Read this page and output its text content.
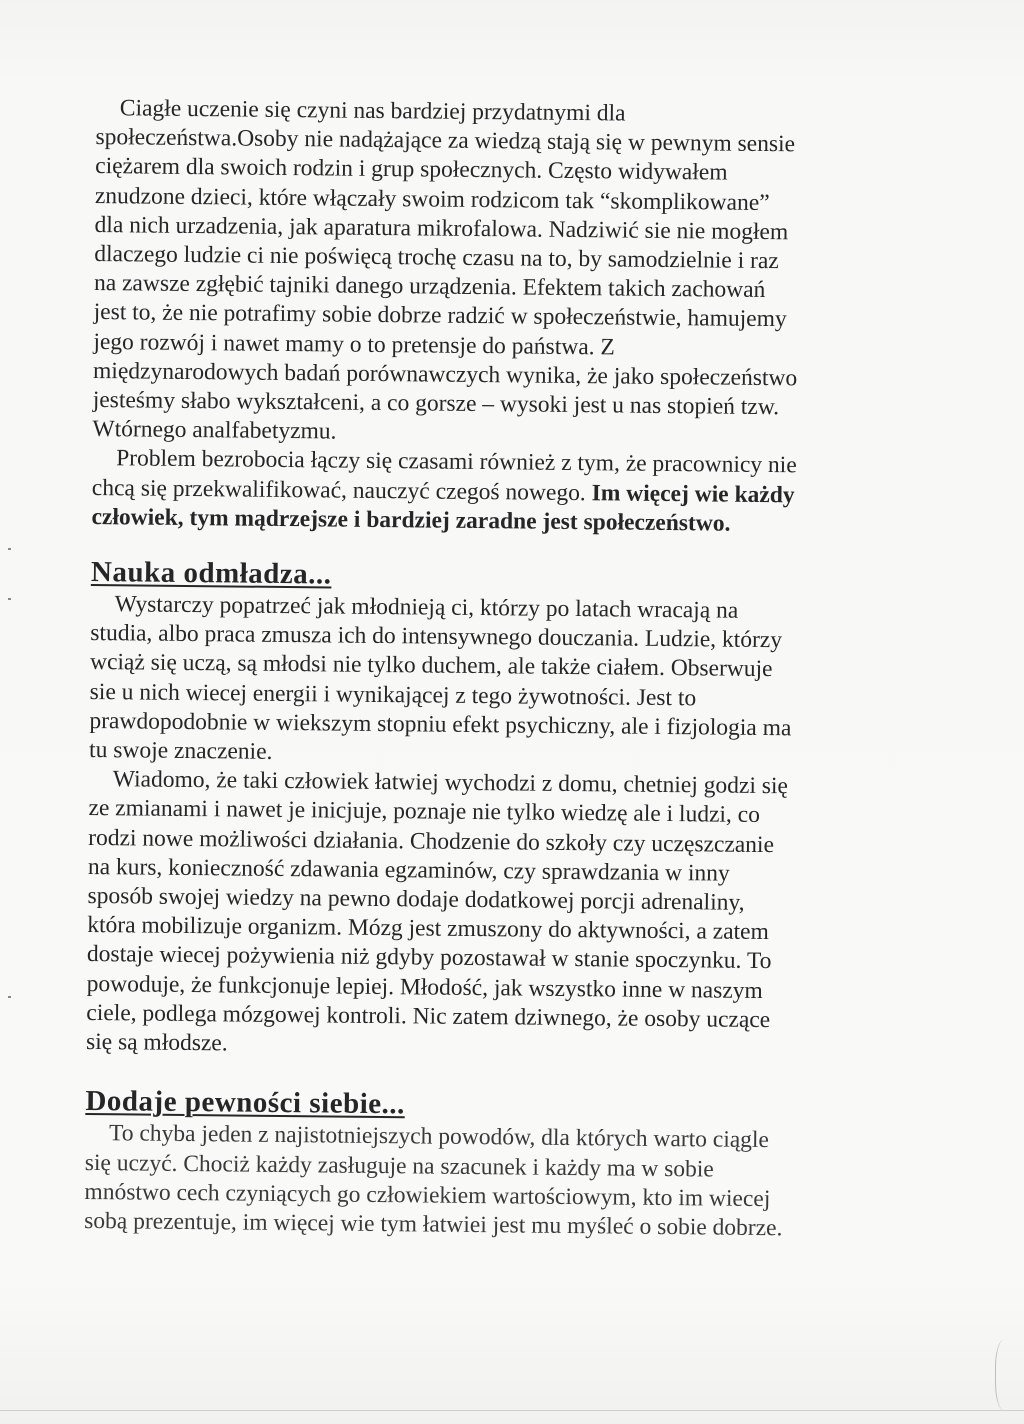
Ciagłe uczenie się czyni nas bardziej przydatnymi dla
społeczeństwa.Osoby nie nadążające za wiedzą stają się w pewnym sensie
ciężarem dla swoich rodzin i grup społecznych. Często widywałem
znudzone dzieci, które włączały swoim rodzicom tak “skomplikowane”
dla nich urzadzenia, jak aparatura mikrofalowa. Nadziwić sie nie mogłem
dlaczego ludzie ci nie poświęcą trochę czasu na to, by samodzielnie i raz
na zawsze zgłębić tajniki danego urządzenia. Efektem takich zachowań
jest to, że nie potrafimy sobie dobrze radzić w społeczeństwie, hamujemy
jego rozwój i nawet mamy o to pretensje do państwa. Z
międzynarodowych badań porównawczych wynika, że jako społeczeństwo
jesteśmy słabo wykształceni, a co gorsze – wysoki jest u nas stopień tzw.
Wtórnego analfabetyzmu.

Problem bezrobocia łączy się czasami również z tym, że pracownicy nie
chcą się przekwalifikować, nauczyć czegoś nowego. Im więcej wie każdy
człowiek, tym mądrzejsze i bardziej zaradne jest społeczeństwo.

Nauka odmładza...

Wystarczy popatrzeć jak młodnieją ci, którzy po latach wracają na
studia, albo praca zmusza ich do intensywnego douczania. Ludzie, którzy
wciąż się uczą, są młodsi nie tylko duchem, ale także ciałem. Obserwuje
sie u nich wiecej energii i wynikającej z tego żywotności. Jest to
prawdopodobnie w wiekszym stopniu efekt psychiczny, ale i fizjologia ma
tu swoje znaczenie.

Wiadomo, że taki człowiek łatwiej wychodzi z domu, chetniej godzi się
ze zmianami i nawet je inicjuje, poznaje nie tylko wiedzę ale i ludzi, co
rodzi nowe możliwości działania. Chodzenie do szkoły czy uczęszczanie
na kurs, konieczność zdawania egzaminów, czy sprawdzania w inny
sposób swojej wiedzy na pewno dodaje dodatkowej porcji adrenaliny,
która mobilizuje organizm. Mózg jest zmuszony do aktywności, a zatem
dostaje wiecej pożywienia niż gdyby pozostawał w stanie spoczynku. To
powoduje, że funkcjonuje lepiej. Młodość, jak wszystko inne w naszym
ciele, podlega mózgowej kontroli. Nic zatem dziwnego, że osoby uczące
się są młodsze.

Dodaje pewności siebie...

To chyba jeden z najistotniejszych powodów, dla których warto ciągle
się uczyć. Chociż każdy zasługuje na szacunek i każdy ma w sobie
mnóstwo cech czyniących go człowiekiem wartościowym, kto im wiecej
sobą prezentuje, im więcej wie tym łatwiei jest mu myśleć o sobie dobrze.
